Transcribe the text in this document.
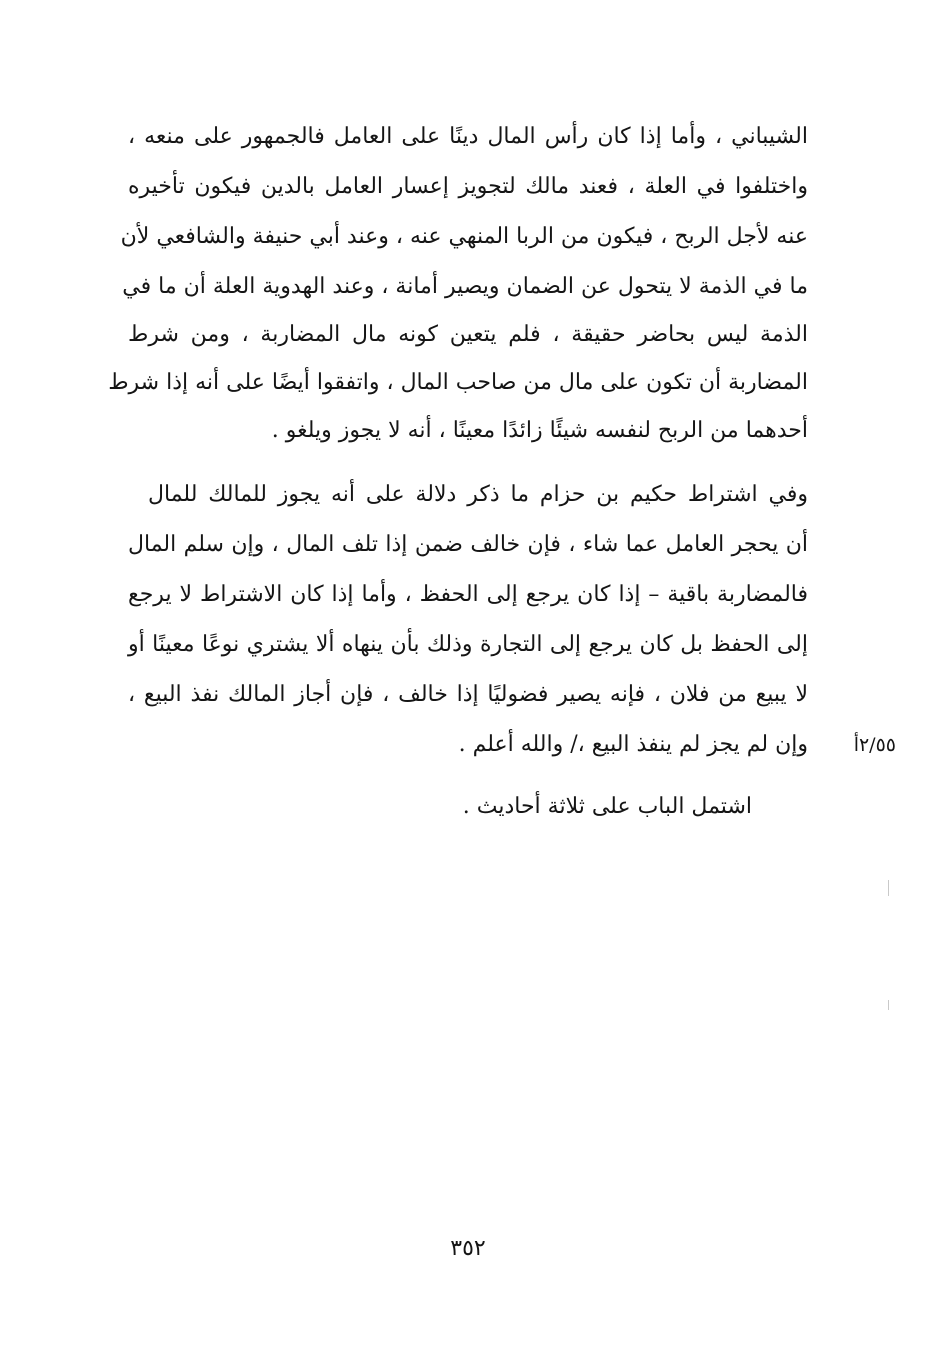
الشيباني ، وأما إذا كان رأس المال دينًا على العامل فالجمهور على منعه ،
واختلفوا في العلة ، فعند مالك لتجويز إعسار العامل بالدين فيكون تأخيره
عنه لأجل الربح ، فيكون من الربا المنهي عنه ، وعند أبي حنيفة والشافعي لأن
ما في الذمة لا يتحول عن الضمان ويصير أمانة ، وعند الهدوية العلة أن ما في
الذمة ليس بحاضر حقيقة ، فلم يتعين كونه مال المضاربة ، ومن شرط
المضاربة أن تكون على مال من صاحب المال ، واتفقوا أيضًا على أنه إذا شرط
أحدهما من الربح لنفسه شيئًا زائدًا معينًا ، أنه لا يجوز ويلغو .
وفي اشتراط حكيم بن حزام ما ذكر دلالة على أنه يجوز للمالك للمال
أن يحجر العامل عما شاء ، فإن خالف ضمن إذا تلف المال ، وإن سلم المال
فالمضاربة باقية – إذا كان يرجع إلى الحفظ ، وأما إذا كان الاشتراط لا يرجع
إلى الحفظ بل كان يرجع إلى التجارة وذلك بأن ينهاه ألا يشتري نوعًا معينًا أو
لا يبيع من فلان ، فإنه يصير فضوليًا إذا خالف ، فإن أجاز المالك نفذ البيع ،
وإن لم يجز لم ينفذ البيع ،/ والله أعلم .	٢/٥٥أ
اشتمل الباب على ثلاثة أحاديث .
٣٥٢
